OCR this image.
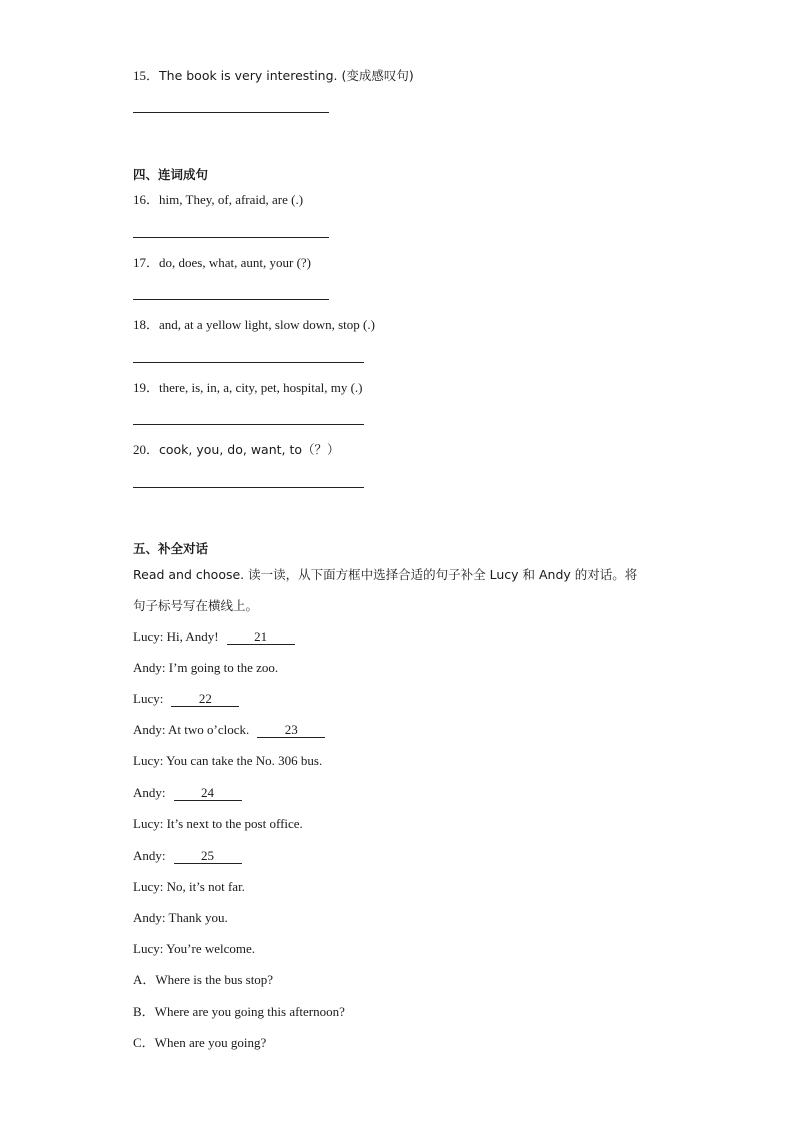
15．The book is very interesting. (变成感叹句)
四、连词成句
16．him, They, of, afraid, are (.)
17．do, does, what, aunt, your (?)
18．and, at a yellow light, slow down, stop (.)
19．there, is, in, a, city, pet, hospital, my (.)
20．cook, you, do, want, to（？）
五、补全对话
Read and choose. 读一读，从下面方框中选择合适的句子补全 Lucy 和 Andy 的对话。将
句子标号写在横线上。
Lucy: Hi, Andy!	21
Andy: I’m going to the zoo.
Lucy:	22
Andy: At two o’clock.	23
Lucy: You can take the No. 306 bus.
Andy:	24
Lucy: It’s next to the post office.
Andy:	25
Lucy: No, it’s not far.
Andy: Thank you.
Lucy: You’re welcome.
A．Where is the bus stop?
B．Where are you going this afternoon?
C．When are you going?
